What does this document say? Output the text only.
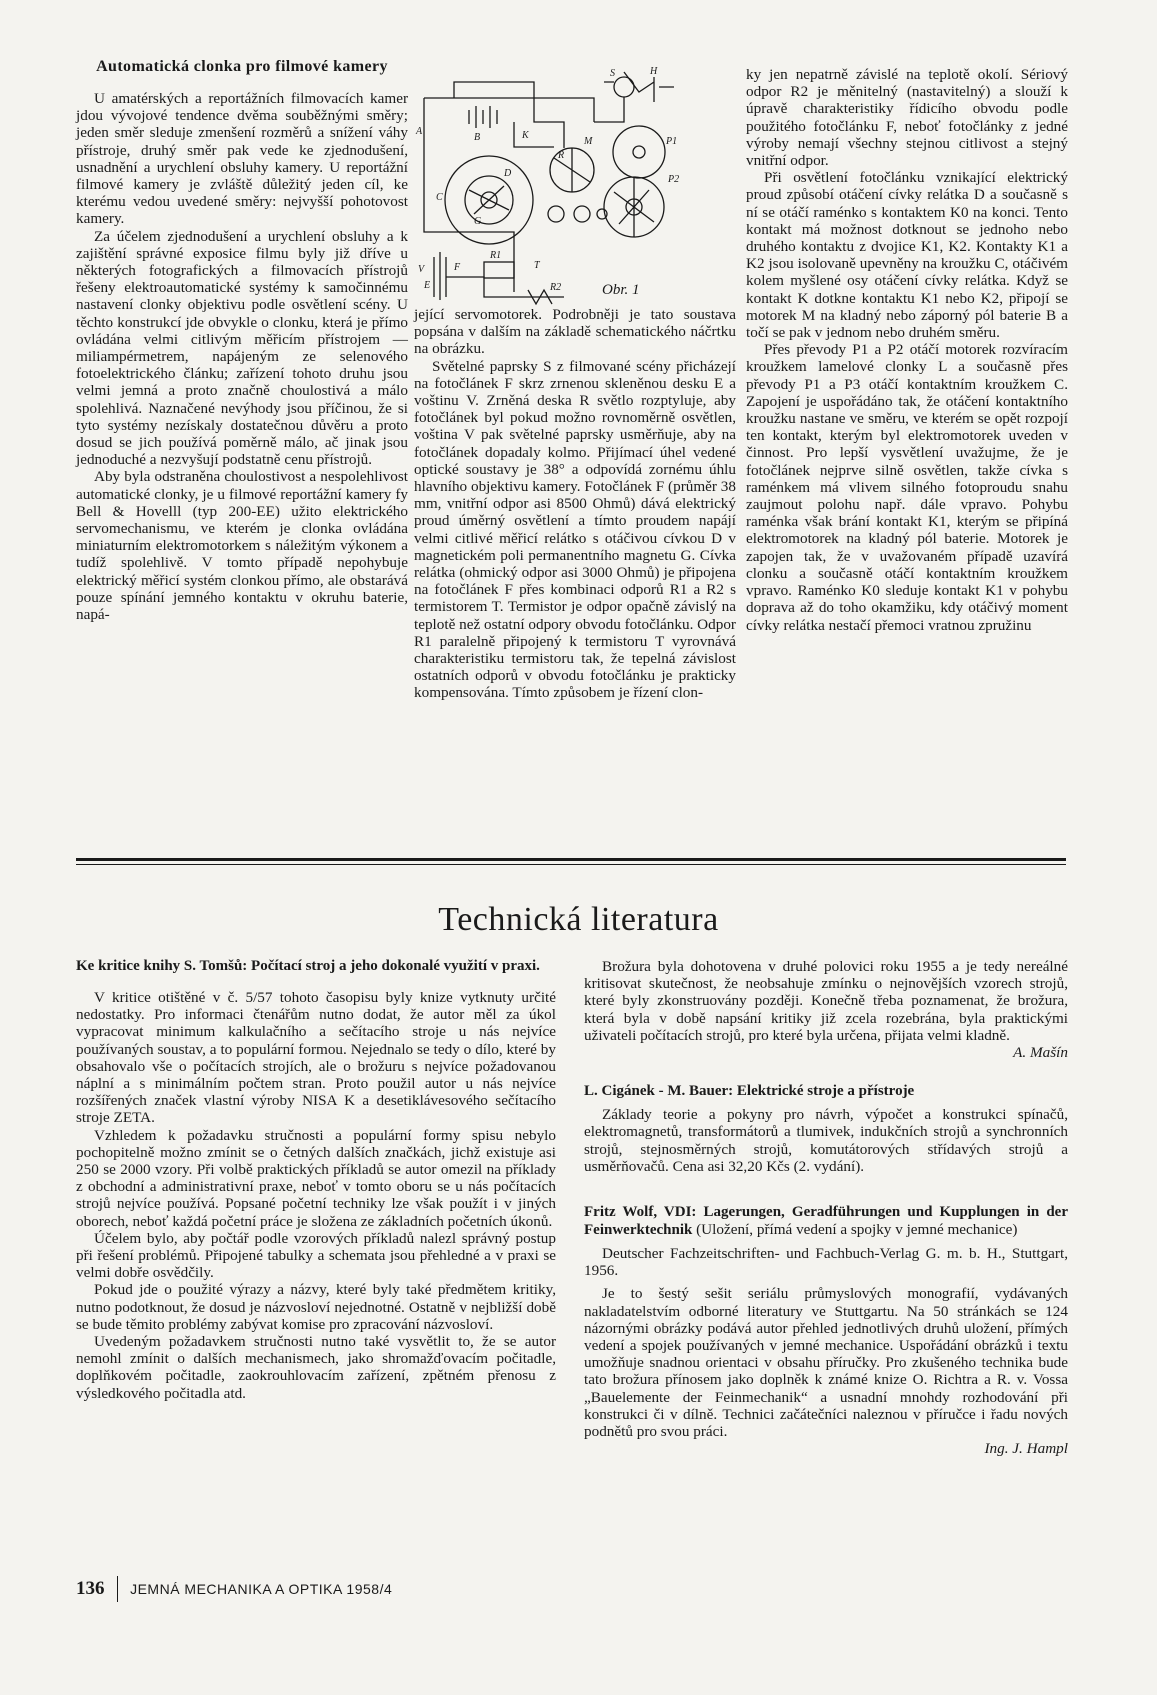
Automatická clonka pro filmové kamery

U amatérských a reportážních filmovacích kamer jdou vývojové tendence dvěma souběžnými směry; jeden směr sleduje zmenšení rozměrů a snížení váhy přístroje, druhý směr pak vede ke zjednodušení, usnadnění a urychlení obsluhy kamery. U reportážní filmové kamery je zvláště důležitý jeden cíl, ke kterému vedou uvedené směry: nejvyšší pohotovost kamery.

Za účelem zjednodušení a urychlení obsluhy a k zajištění správné exposice filmu byly již dříve u některých fotografických a filmovacích přístrojů řešeny elektroautomatické systémy k samočinnému nastavení clonky objektivu podle osvětlení scény. U těchto konstrukcí jde obvykle o clonku, která je přímo ovládána velmi citlivým měřicím přístrojem — miliampérmetrem, napájeným ze selenového fotoelektrického článku; zařízení tohoto druhu jsou velmi jemná a proto značně choulostivá a málo spolehlivá. Naznačené nevýhody jsou příčinou, že si tyto systémy nezískaly dostatečnou důvěru a proto dosud se jich používá poměrně málo, ač jinak jsou jednoduché a nezvyšují podstatně cenu přístrojů.

Aby byla odstraněna choulostivost a nespolehlivost automatické clonky, je u filmové reportážní kamery fy Bell & Hovelll (typ 200-EE) užito elektrického servomechanismu, ve kterém je clonka ovládána miniaturním elektromotorkem s náležitým výkonem a tudíž spolehlivě. V tomto případě nepohybuje elektrický měřicí systém clonkou přímo, ale obstarává pouze spínání jemného kontaktu v okruhu baterie, napá-

S	H
A
B	K
M
R
P1
P2
C
D
G
T
E
F
R1
R2
V
Obr. 1

jející servomotorek. Podrobněji je tato soustava popsána v dalším na základě schematického náčrtku na obrázku.

Světelné paprsky S z filmované scény přicházejí na fotočlánek F skrz zrnenou skleněnou desku E a voštinu V. Zrněná deska R světlo rozptyluje, aby fotočlánek byl pokud možno rovnoměrně osvětlen, voština V pak světelné paprsky usměrňuje, aby na fotočlánek dopadaly kolmo. Přijímací úhel vedené optické soustavy je 38° a odpovídá zornému úhlu hlavního objektivu kamery. Fotočlánek F (průměr 38 mm, vnitřní odpor asi 8500 Ohmů) dává elektrický proud úměrný osvětlení a tímto proudem napájí velmi citlivé měřicí relátko s otáčivou cívkou D v magnetickém poli permanentního magnetu G. Cívka relátka (ohmický odpor asi 3000 Ohmů) je připojena na fotočlánek F přes kombinaci odporů R1 a R2 s termistorem T. Termistor je odpor opačně závislý na teplotě než ostatní odpory obvodu fotočlánku. Odpor R1 paralelně připojený k termistoru T vyrovnává charakteristiku termistoru tak, že tepelná závislost ostatních odporů v obvodu fotočlánku je prakticky kompensována. Tímto způsobem je řízení clon-

ky jen nepatrně závislé na teplotě okolí. Sériový odpor R2 je měnitelný (nastavitelný) a slouží k úpravě charakteristiky řídicího obvodu podle použitého fotočlánku F, neboť fotočlánky z jedné výroby nemají všechny stejnou citlivost a stejný vnitřní odpor.

Při osvětlení fotočlánku vznikající elektrický proud způsobí otáčení cívky relátka D a současně s ní se otáčí raménko s kontaktem K0 na konci. Tento kontakt má možnost dotknout se jednoho nebo druhého kontaktu z dvojice K1, K2. Kontakty K1 a K2 jsou isolovaně upevněny na kroužku C, otáčivém kolem myšlené osy otáčení cívky relátka. Když se kontakt K dotkne kontaktu K1 nebo K2, připojí se motorek M na kladný nebo záporný pól baterie B a točí se pak v jednom nebo druhém směru.

Přes převody P1 a P2 otáčí motorek rozvíracím kroužkem lamelové clonky L a současně přes převody P1 a P3 otáčí kontaktním kroužkem C. Zapojení je uspořádáno tak, že otáčení kontaktního kroužku nastane ve směru, ve kterém se opět rozpojí ten kontakt, kterým byl elektromotorek uveden v činnost. Pro lepší vysvětlení uvažujme, že je fotočlánek nejprve silně osvětlen, takže cívka s raménkem má vlivem silného fotoproudu snahu zaujmout polohu např. dále vpravo. Pohybu raménka však brání kontakt K1, kterým se připíná elektromotorek na kladný pól baterie. Motorek je zapojen tak, že v uvažovaném případě uzavírá clonku a současně otáčí kontaktním kroužkem vpravo. Raménko K0 sleduje kontakt K1 v pohybu doprava až do toho okamžiku, kdy otáčivý moment cívky relátka nestačí přemoci vratnou zpružinu

Technická literatura

Ke kritice knihy S. Tomšů: Počítací stroj a jeho dokonalé využití v praxi.

V kritice otištěné v č. 5/57 tohoto časopisu byly knize vytknuty určité nedostatky. Pro informaci čtenářům nutno dodat, že autor měl za úkol vypracovat minimum kalkulačního a sečítacího stroje u nás nejvíce používaných soustav, a to populární formou. Nejednalo se tedy o dílo, které by obsahovalo vše o počítacích strojích, ale o brožuru s nejvíce požadovanou náplní a s minimálním počtem stran. Proto použil autor u nás nejvíce rozšířených značek vlastní výroby NISA K a desetiklávesového sečítacího stroje ZETA.

Vzhledem k požadavku stručnosti a populární formy spisu nebylo pochopitelně možno zmínit se o četných dalších značkách, jichž existuje asi 250 se 2000 vzory. Při volbě praktických příkladů se autor omezil na příklady z obchodní a administrativní praxe, neboť v tomto oboru se u nás počítacích strojů nejvíce používá. Popsané početní techniky lze však použít i v jiných oborech, neboť každá početní práce je složena ze základních početních úkonů.

Účelem bylo, aby počtář podle vzorových příkladů nalezl správný postup při řešení problémů. Připojené tabulky a schemata jsou přehledné a v praxi se velmi dobře osvědčily.

Pokud jde o použité výrazy a názvy, které byly také předmětem kritiky, nutno podotknout, že dosud je názvosloví nejednotné. Ostatně v nejbližší době se bude těmito problémy zabývat komise pro zpracování názvosloví.

Uvedeným požadavkem stručnosti nutno také vysvětlit to, že se autor nemohl zmínit o dalších mechanismech, jako shromažďovacím počitadle, doplňkovém počitadle, zaokrouhlovacím zařízení, zpětném přenosu z výsledkového počitadla atd.

Brožura byla dohotovena v druhé polovici roku 1955 a je tedy nereálné kritisovat skutečnost, že neobsahuje zmínku o nejnovějších vzorech strojů, které byly zkonstruovány později. Konečně třeba poznamenat, že brožura, která byla v době napsání kritiky již zcela rozebrána, byla praktickými uživateli počítacích strojů, pro které byla určena, přijata velmi kladně.

A. Mašín

L. Cigánek - M. Bauer: Elektrické stroje a přístroje

Základy teorie a pokyny pro návrh, výpočet a konstrukci spínačů, elektromagnetů, transformátorů a tlumivek, indukčních strojů a synchronních strojů, stejnosměrných strojů, komutátorových střídavých strojů a usměrňovačů. Cena asi 32,20 Kčs (2. vydání).

Fritz Wolf, VDI: Lagerungen, Geradführungen und Kupplungen in der Feinwerktechnik (Uložení, přímá vedení a spojky v jemné mechanice)

Deutscher Fachzeitschriften- und Fachbuch-Verlag G. m. b. H., Stuttgart, 1956.

Je to šestý sešit seriálu průmyslových monografií, vydávaných nakladatelstvím odborné literatury ve Stuttgartu. Na 50 stránkách se 124 názornými obrázky podává autor přehled jednotlivých druhů uložení, přímých vedení a spojek používaných v jemné mechanice. Uspořádání obrázků i textu umožňuje snadnou orientaci v obsahu příručky. Pro zkušeného technika bude tato brožura přínosem jako doplněk k známé knize O. Richtra a R. v. Vossa „Bauelemente der Feinmechanik“ a usnadní mnohdy rozhodování při konstrukci či v dílně. Technici začátečníci naleznou v příručce i řadu nových podnětů pro svou práci.

Ing. J. Hampl

136 JEMNÁ MECHANIKA A OPTIKA 1958/4
